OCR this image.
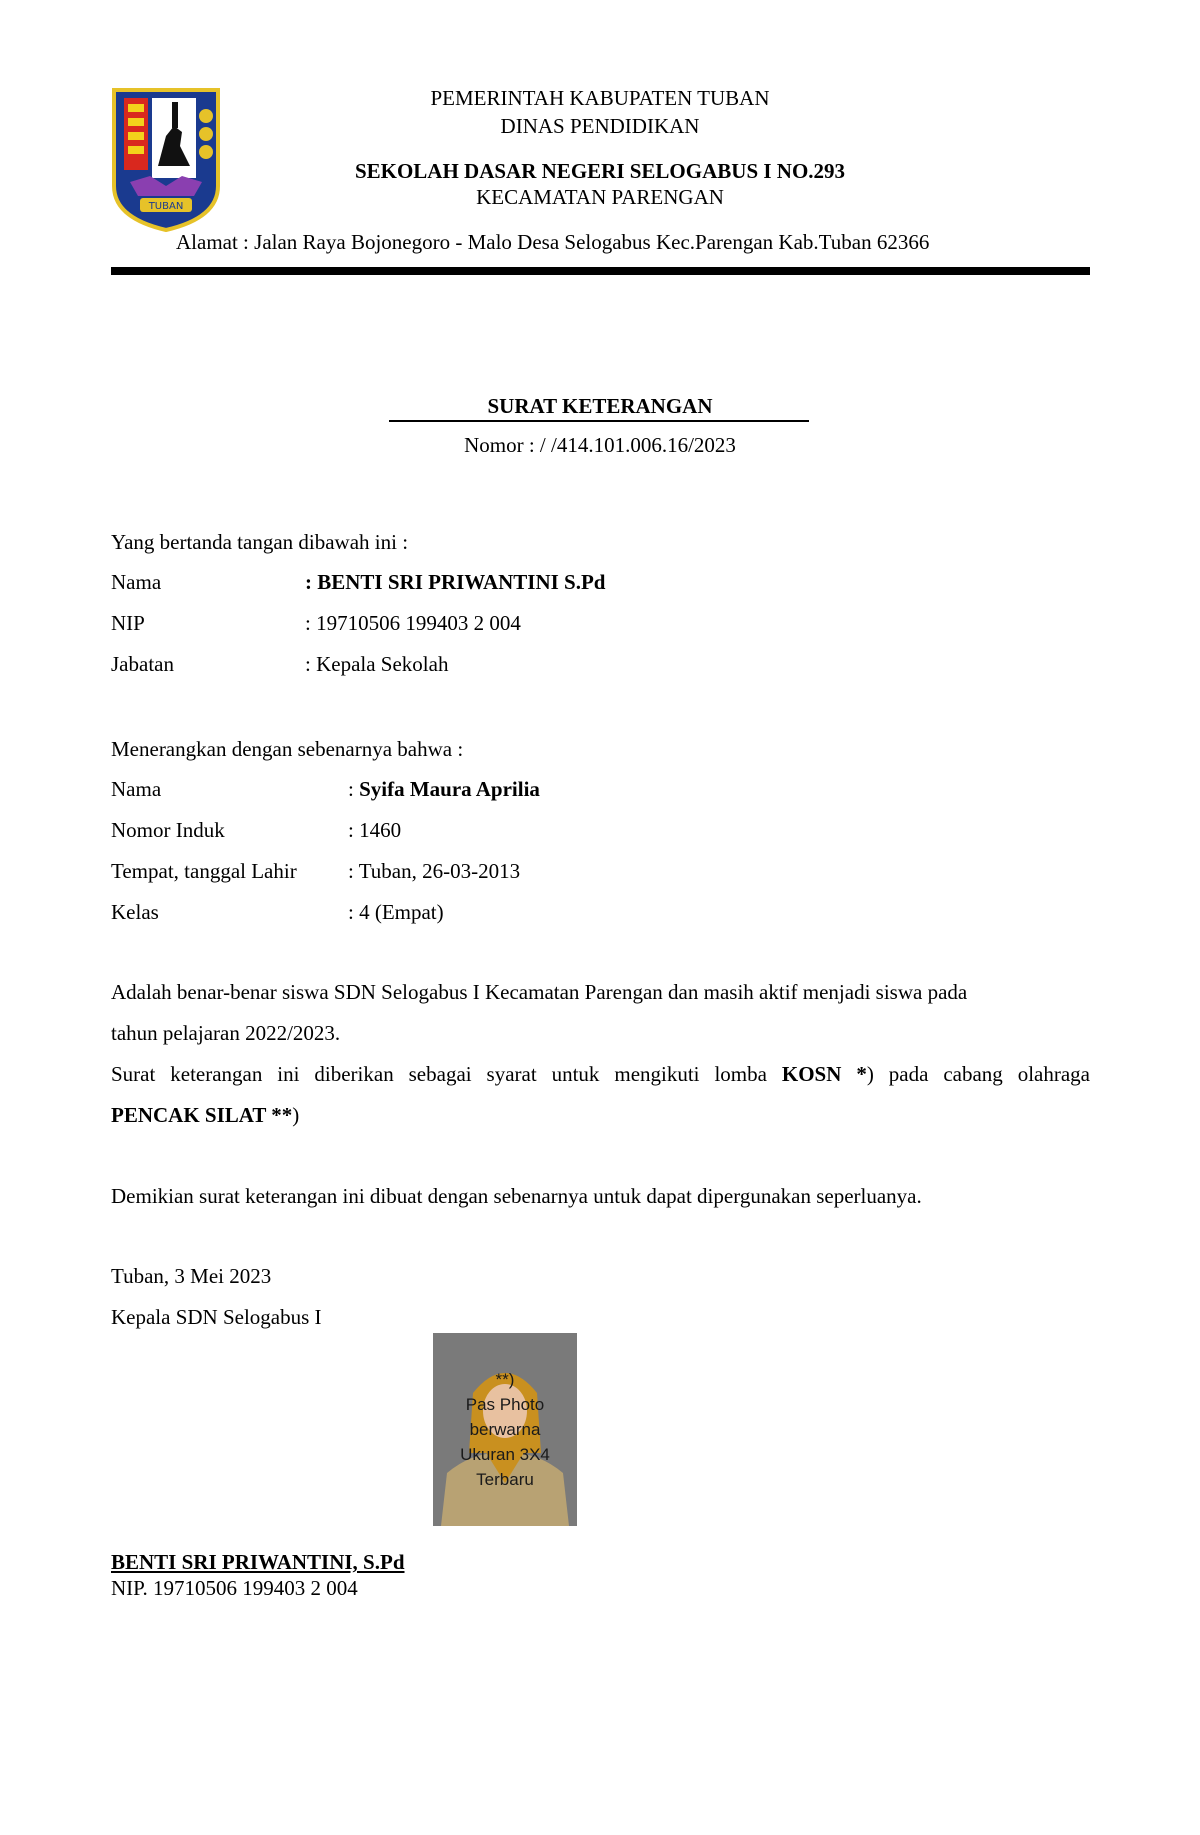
TUBAN
PEMERINTAH KABUPATEN TUBAN
DINAS PENDIDIKAN
SEKOLAH DASAR NEGERI SELOGABUS I NO.293
KECAMATAN PARENGAN
Alamat : Jalan Raya Bojonegoro - Malo Desa Selogabus Kec.Parengan Kab.Tuban 62366
SURAT KETERANGAN
Nomor : / /414.101.006.16/2023
Yang bertanda tangan dibawah ini :
Nama	: BENTI SRI PRIWANTINI S.Pd
NIP	: 19710506 199403 2 004
Jabatan	: Kepala Sekolah
Menerangkan dengan sebenarnya bahwa :
Nama	: Syifa Maura Aprilia
Nomor Induk	: 1460
Tempat, tanggal Lahir : Tuban, 26-03-2013
Kelas	: 4 (Empat)
Adalah benar-benar siswa SDN Selogabus I Kecamatan Parengan dan masih aktif menjadi siswa pada
tahun pelajaran 2022/2023.
Surat keterangan ini diberikan sebagai syarat untuk mengikuti lomba KOSN *) pada cabang olahraga
PENCAK SILAT **)
Demikian surat keterangan ini dibuat dengan sebenarnya untuk dapat dipergunakan seperluanya.
Tuban, 3 Mei 2023
Kepala SDN Selogabus I
**)
Pas Photo
berwarna
Ukuran 3X4
Terbaru
BENTI SRI PRIWANTINI, S.Pd
NIP. 19710506 199403 2 004
